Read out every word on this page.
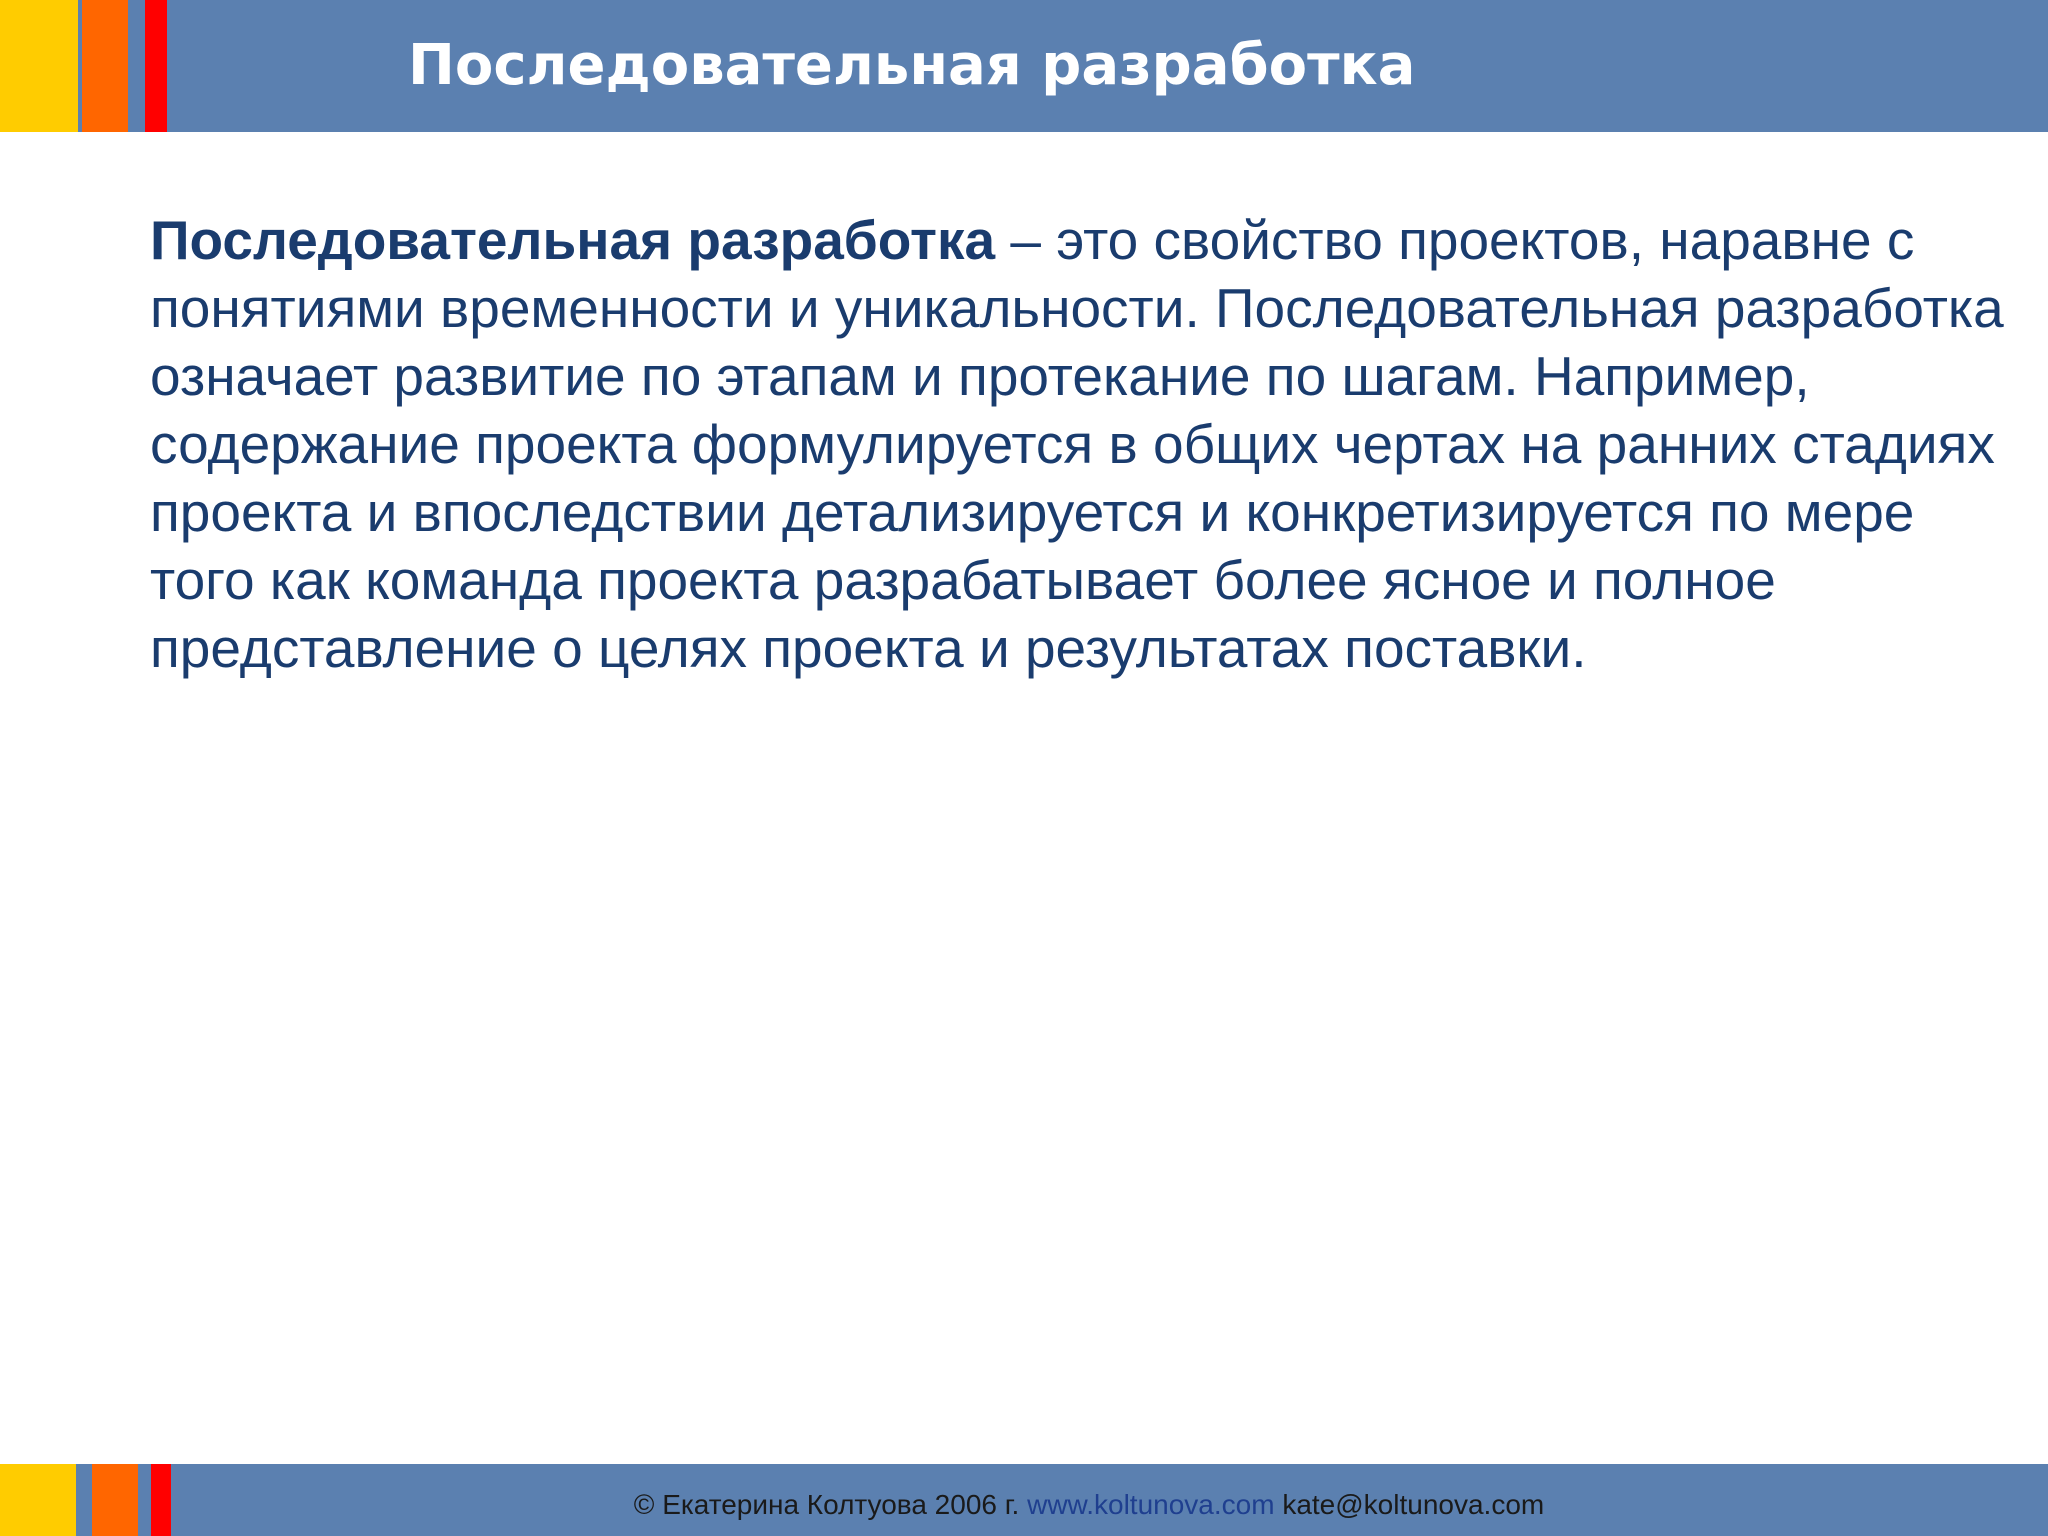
Последовательная разработка
Последовательная разработка – это свойство проектов, наравне с понятиями временности и уникальности. Последовательная разработка означает развитие по этапам и протекание по шагам. Например, содержание проекта формулируется в общих чертах на ранних стадиях проекта и впоследствии детализируется и конкретизируется по мере того как команда проекта разрабатывает более ясное и полное представление о целях проекта и результатах поставки.
© Екатерина Колтуова 2006 г. www.koltunova.com kate@koltunova.com
